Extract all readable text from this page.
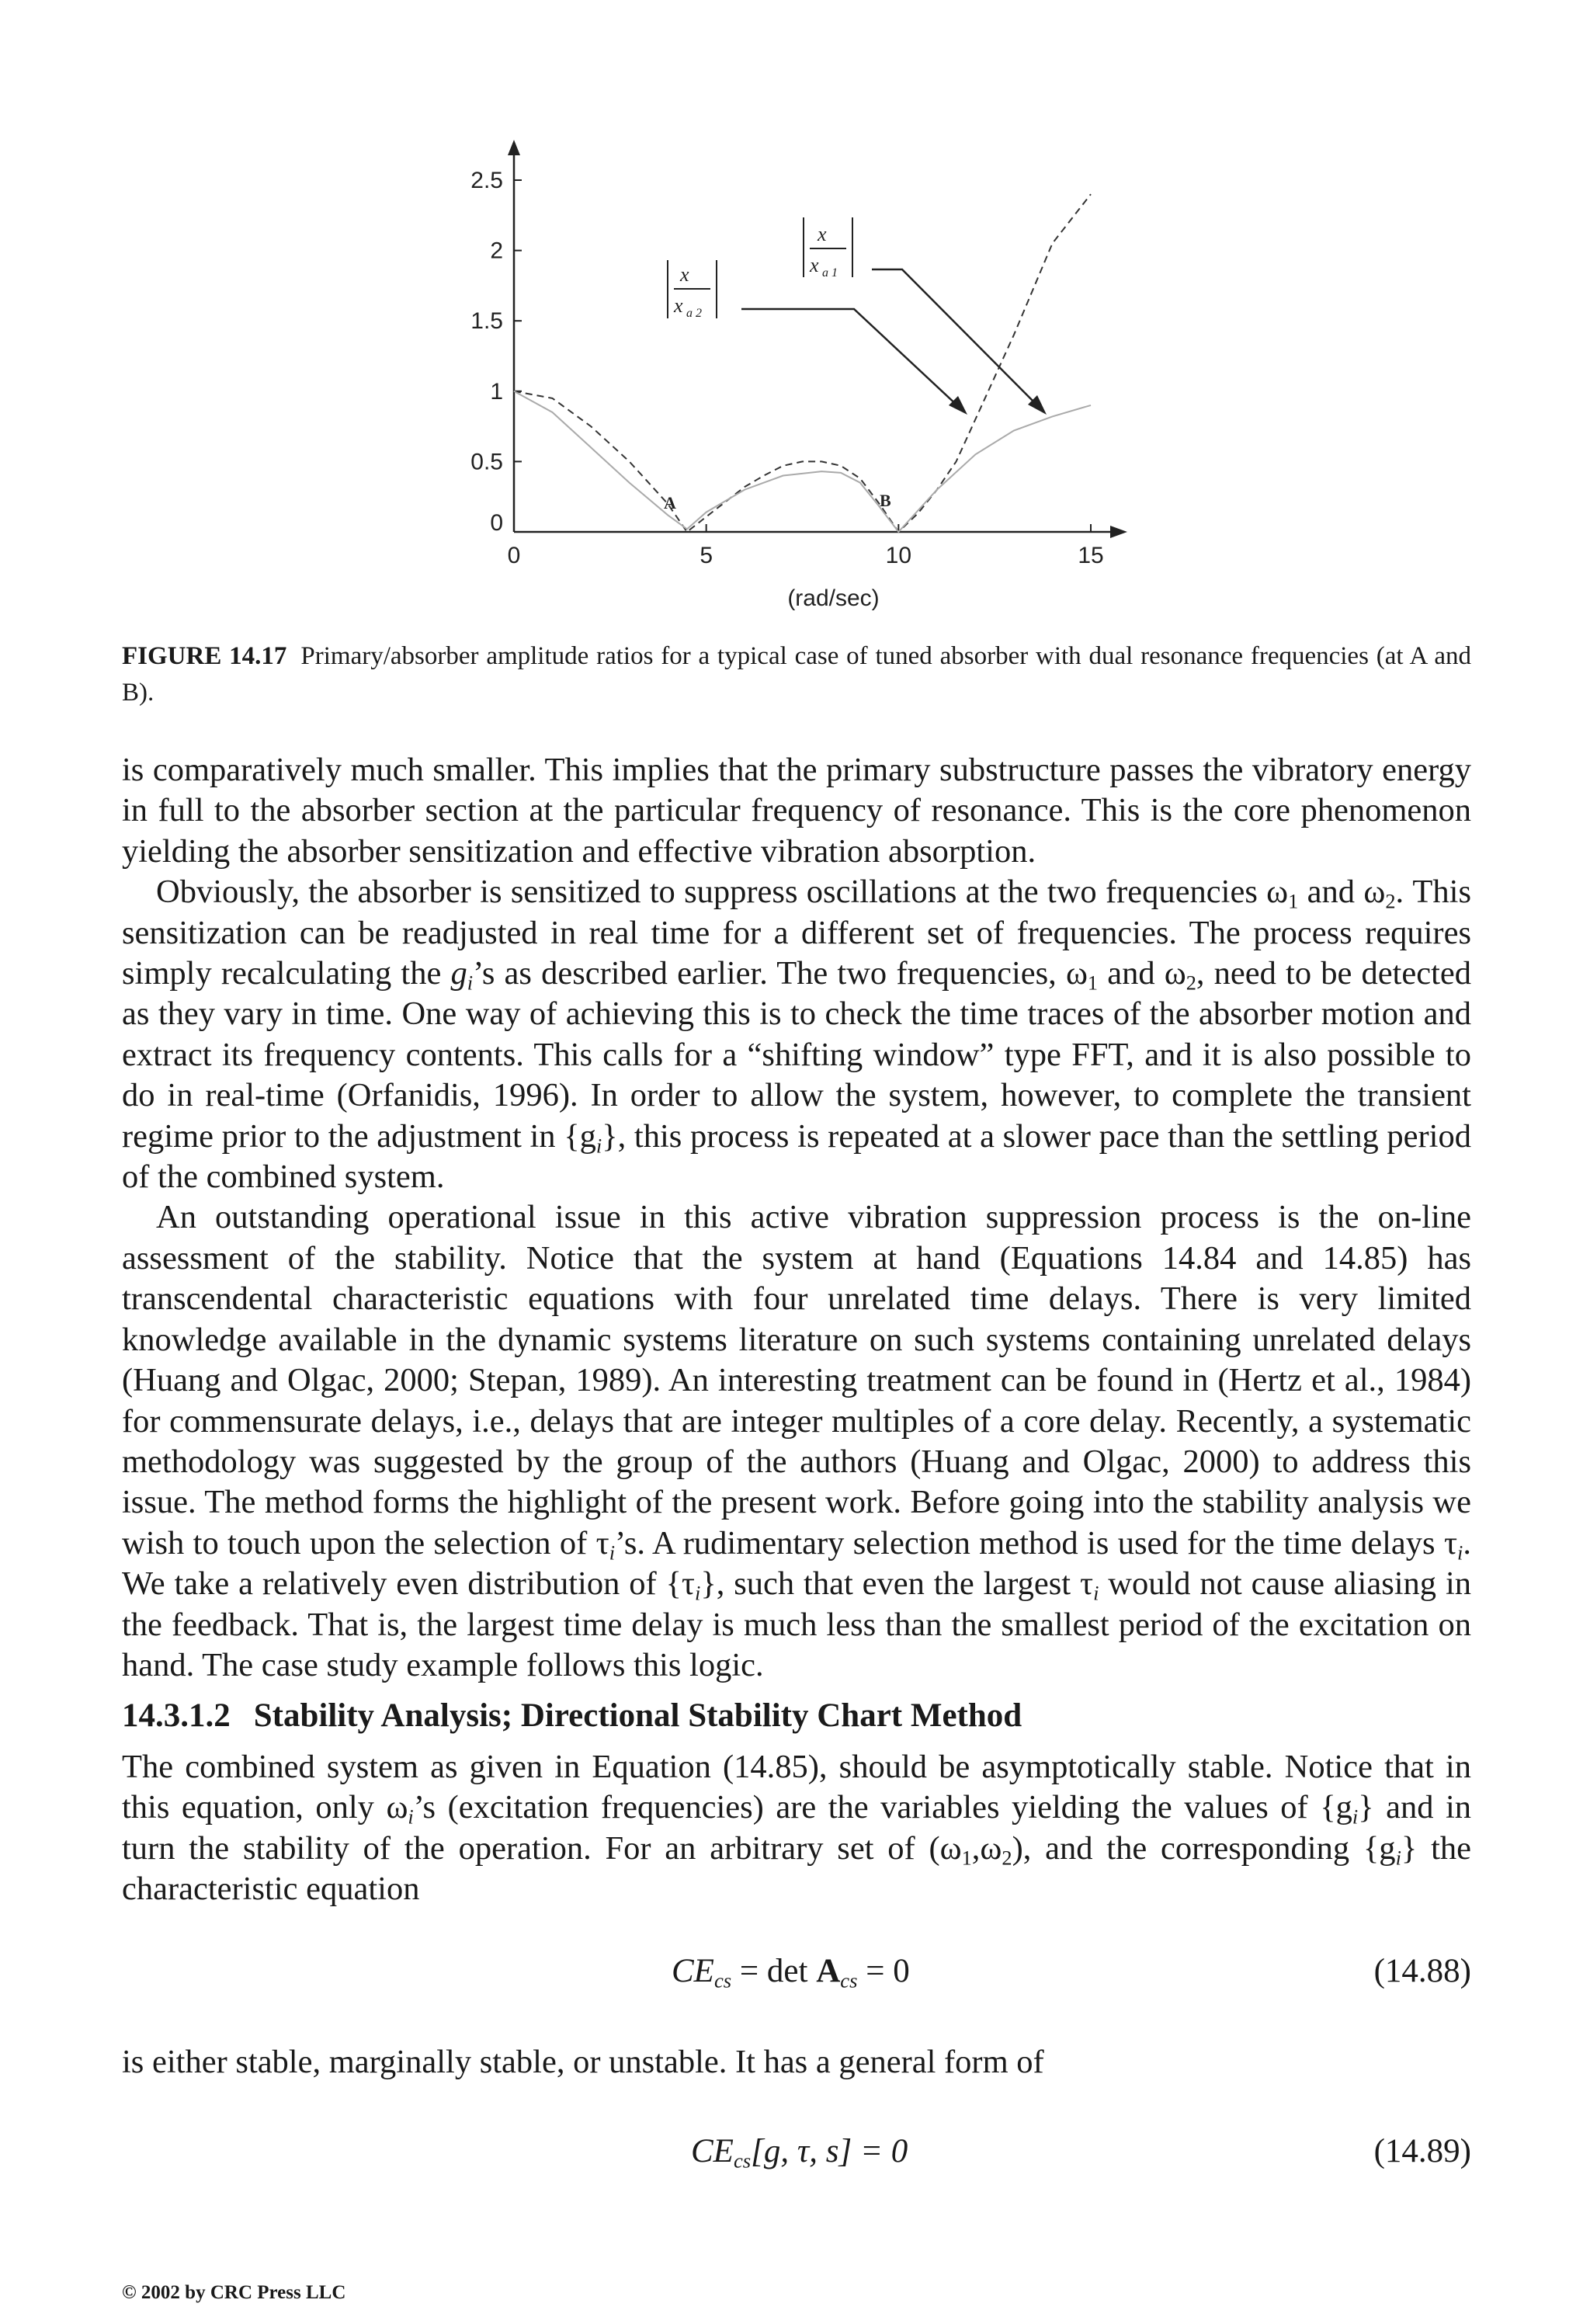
0
0.5
1
1.5
2
2.5
0	5	10	15
(rad/sec)
x
x a 2
x
x a 1
A	B
FIGURE 14.17 Primary/absorber amplitude ratios for a typical case of tuned absorber with dual resonance frequencies (at A and B).

is comparatively much smaller. This implies that the primary substructure passes the vibratory energy in full to the absorber section at the particular frequency of resonance. This is the core phenomenon yielding the absorber sensitization and effective vibration absorption.

Obviously, the absorber is sensitized to suppress oscillations at the two frequencies $\omega_1$ and $\omega_2$. This sensitization can be readjusted in real time for a different set of frequencies. The process requires simply recalculating the $g_i’s$ as described earlier. The two frequencies, $\omega_1$ and $\omega_2$, need to be detected as they vary in time. One way of achieving this is to check the time traces of the absorber motion and extract its frequency contents. This calls for a “shifting window” type FFT, and it is also possible to do in real-time (Orfanidis, 1996). In order to allow the system, however, to complete the transient regime prior to the adjustment in $\{g_i\}$, this process is repeated at a slower pace than the settling period of the combined system.

An outstanding operational issue in this active vibration suppression process is the on-line assessment of the stability. Notice that the system at hand (Equations 14.84 and 14.85) has transcendental characteristic equations with four unrelated time delays. There is very limited knowledge available in the dynamic systems literature on such systems containing unrelated delays (Huang and Olgac, 2000; Stepan, 1989). An interesting treatment can be found in (Hertz et al., 1984) for commensurate delays, i.e., delays that are integer multiples of a core delay. Recently, a systematic methodology was suggested by the group of the authors (Huang and Olgac, 2000) to address this issue. The method forms the highlight of the present work. Before going into the stability analysis we wish to touch upon the selection of $\tau_i’s$. A rudimentary selection method is used for the time delays $\tau_i$. We take a relatively even distribution of $\{\tau_i\}$, such that even the largest $\tau_i$ would not cause aliasing in the feedback. That is, the largest time delay is much less than the smallest period of the excitation on hand. The case study example follows this logic.

14.3.1.2 Stability Analysis; Directional Stability Chart Method

The combined system as given in Equation (14.85), should be asymptotically stable. Notice that in this equation, only $\omega_i’s$ (excitation frequencies) are the variables yielding the values of $\{g_i\}$ and in turn the stability of the operation. For an arbitrary set of $(\omega_1,\omega_2)$, and the corresponding $\{g_i\}$ the characteristic equation

$CE_{cs} = \det A_{cs} = 0$	(14.88)

is either stable, marginally stable, or unstable. It has a general form of

$CE_{cs}[g$, τ, s] = 0	(14.89)
© 2002 by CRC Press LLC
